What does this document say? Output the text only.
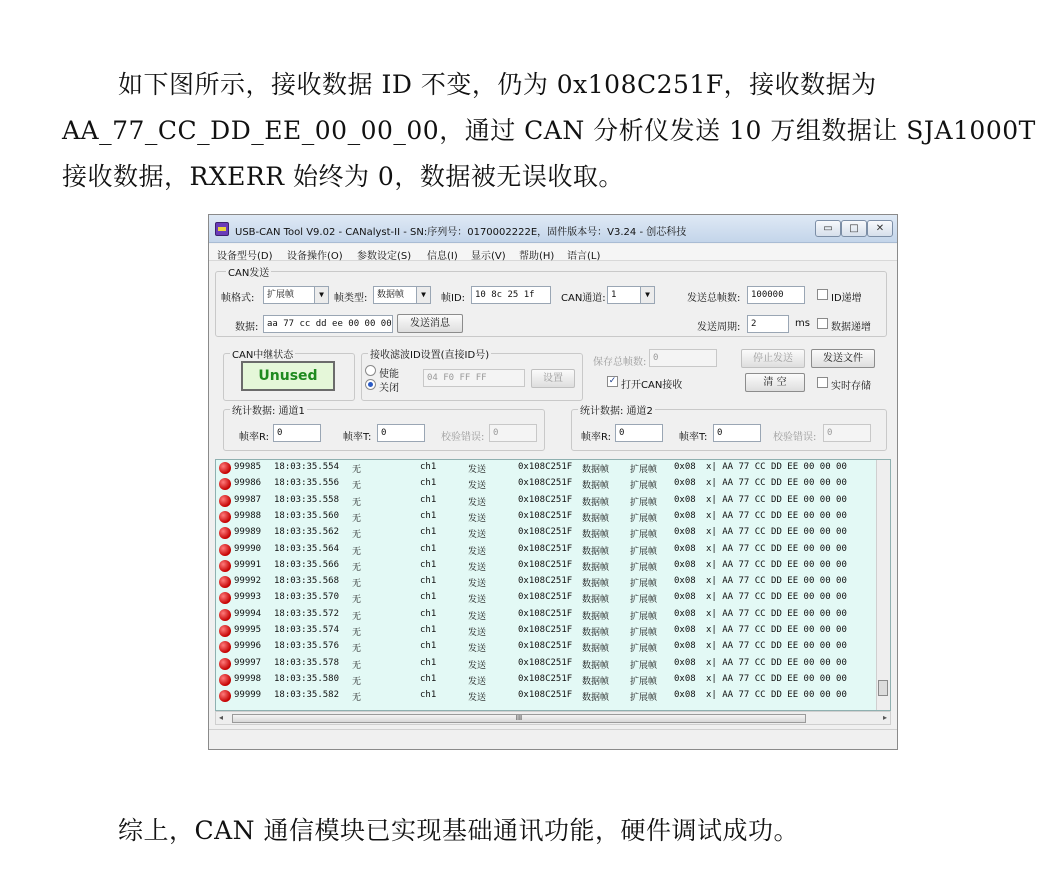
如下图所示，接收数据 ID 不变，仍为 0x108C251F，接收数据为 AA_77_CC_DD_EE_00_00_00，通过 CAN 分析仪发送 10 万组数据让 SJA1000T 接收数据，RXERR 始终为 0，数据被无误收取。

USB-CAN Tool V9.02 - CANalyst-II - SN:序列号：0170002222E，固件版本号：V3.24 - 创芯科技	▭	□	✕
设备型号(D) 设备操作(O) 参数设定(S) 信息(I) 显示(V) 帮助(H) 语言(L)
CAN发送
帧格式:	扩展帧	▼	帧类型:	数据帧	▼	帧ID:	10 8c 25 1f	CAN通道: 1	▼	发送总帧数:	100000	ID递增
数据: aa 77 cc dd ee 00 00 00	发送消息	发送周期:	2	ms 数据递增
CAN中继状态
Unused
接收滤波ID设置(直接ID号)
使能
关闭
04 F0 FF FF	设置
保存总帧数: 0	停止发送	发送文件
✓ 打开CAN接收	清 空	实时存储
统计数据: 通道1
帧率R: 0	帧率T:	0	校验错误: 0
统计数据: 通道2
帧率R: 0	帧率T:	0	校验错误:	0
99985 18:03:35.554 无	ch1	发送	0x108C251F 数据帧 扩展帧 0x08 x| AA 77 CC DD EE 00 00 00
99986 18:03:35.556 无	ch1	发送	0x108C251F 数据帧 扩展帧 0x08 x| AA 77 CC DD EE 00 00 00
99987 18:03:35.558 无	ch1	发送	0x108C251F 数据帧 扩展帧 0x08 x| AA 77 CC DD EE 00 00 00
99988 18:03:35.560 无	ch1	发送	0x108C251F 数据帧 扩展帧 0x08 x| AA 77 CC DD EE 00 00 00
99989 18:03:35.562 无	ch1	发送	0x108C251F 数据帧 扩展帧 0x08 x| AA 77 CC DD EE 00 00 00
99990 18:03:35.564 无	ch1	发送	0x108C251F 数据帧 扩展帧 0x08 x| AA 77 CC DD EE 00 00 00
99991 18:03:35.566 无	ch1	发送	0x108C251F 数据帧 扩展帧 0x08 x| AA 77 CC DD EE 00 00 00
99992 18:03:35.568 无	ch1	发送	0x108C251F 数据帧 扩展帧 0x08 x| AA 77 CC DD EE 00 00 00
99993 18:03:35.570 无	ch1	发送	0x108C251F 数据帧 扩展帧 0x08 x| AA 77 CC DD EE 00 00 00
99994 18:03:35.572 无	ch1	发送	0x108C251F 数据帧 扩展帧 0x08 x| AA 77 CC DD EE 00 00 00
99995 18:03:35.574 无	ch1	发送	0x108C251F 数据帧 扩展帧 0x08 x| AA 77 CC DD EE 00 00 00
99996 18:03:35.576 无	ch1	发送	0x108C251F 数据帧 扩展帧 0x08 x| AA 77 CC DD EE 00 00 00
99997 18:03:35.578 无	ch1	发送	0x108C251F 数据帧 扩展帧 0x08 x| AA 77 CC DD EE 00 00 00
99998 18:03:35.580 无	ch1	发送	0x108C251F 数据帧 扩展帧 0x08 x| AA 77 CC DD EE 00 00 00
99999 18:03:35.582 无	ch1	发送	0x108C251F 数据帧 扩展帧 0x08 x| AA 77 CC DD EE 00 00 00
◂	III	▸

综上，CAN 通信模块已实现基础通讯功能，硬件调试成功。
